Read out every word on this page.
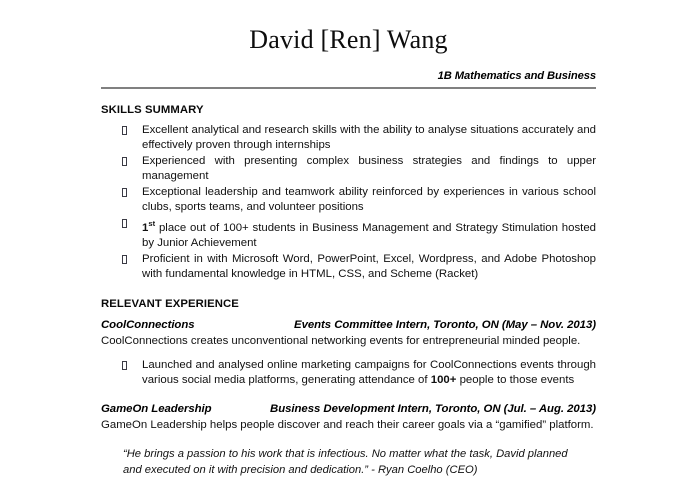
David [Ren] Wang
1B Mathematics and Business
SKILLS SUMMARY
Excellent analytical and research skills with the ability to analyse situations accurately and effectively proven through internships
Experienced with presenting complex business strategies and findings to upper management
Exceptional leadership and teamwork ability reinforced by experiences in various school clubs, sports teams, and volunteer positions
1st place out of 100+ students in Business Management and Strategy Stimulation hosted by Junior Achievement
Proficient in with Microsoft Word, PowerPoint, Excel, Wordpress, and Adobe Photoshop with fundamental knowledge in HTML, CSS, and Scheme (Racket)
RELEVANT EXPERIENCE
CoolConnections	Events Committee Intern, Toronto, ON (May – Nov. 2013)
CoolConnections creates unconventional networking events for entrepreneurial minded people.
Launched and analysed online marketing campaigns for CoolConnections events through various social media platforms, generating attendance of 100+ people to those events
GameOn Leadership	Business Development Intern, Toronto, ON (Jul. – Aug. 2013)
GameOn Leadership helps people discover and reach their career goals via a “gamified” platform.
“He brings a passion to his work that is infectious. No matter what the task, David planned and executed on it with precision and dedication.” - Ryan Coelho (CEO)
